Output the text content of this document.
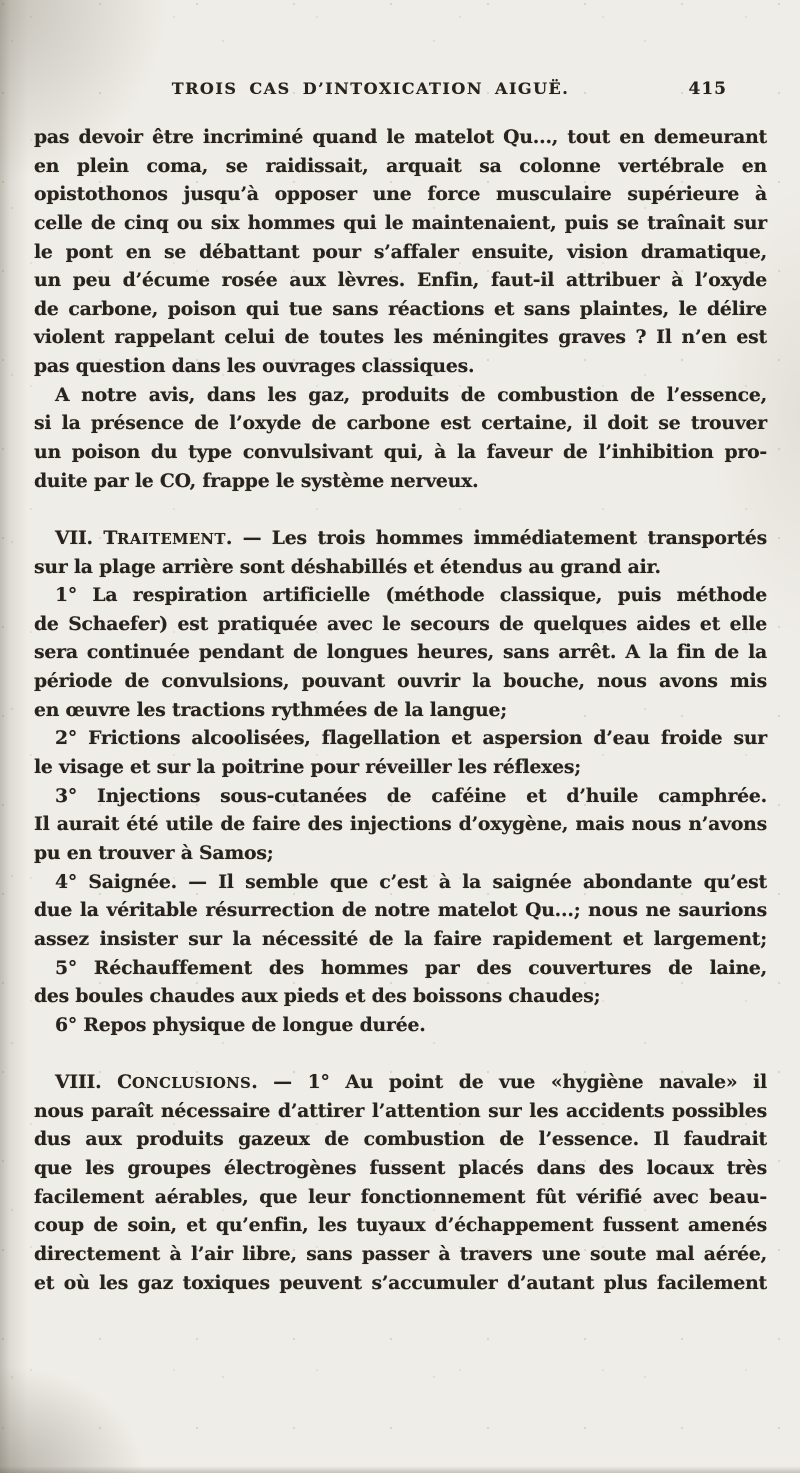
TROIS CAS D’INTOXICATION AIGUË.	415
pas devoir être incriminé quand le matelot Qu..., tout en demeurant
en plein coma, se raidissait, arquait sa colonne vertébrale en
opistothonos jusqu’à opposer une force musculaire supérieure à
celle de cinq ou six hommes qui le maintenaient, puis se traînait sur
le pont en se débattant pour s’affaler ensuite, vision dramatique,
un peu d’écume rosée aux lèvres. Enfin, faut-il attribuer à l’oxyde
de carbone, poison qui tue sans réactions et sans plaintes, le délire
violent rappelant celui de toutes les méningites graves ? Il n’en est
pas question dans les ouvrages classiques.
A notre avis, dans les gaz, produits de combustion de l’essence,
si la présence de l’oxyde de carbone est certaine, il doit se trouver
un poison du type convulsivant qui, à la faveur de l’inhibition pro-
duite par le CO, frappe le système nerveux.
VII. TRAITEMENT. — Les trois hommes immédiatement transportés
sur la plage arrière sont déshabillés et étendus au grand air.
1° La respiration artificielle (méthode classique, puis méthode
de Schaefer) est pratiquée avec le secours de quelques aides et elle
sera continuée pendant de longues heures, sans arrêt. A la fin de la
période de convulsions, pouvant ouvrir la bouche, nous avons mis
en œuvre les tractions rythmées de la langue;
2° Frictions alcoolisées, flagellation et aspersion d’eau froide sur
le visage et sur la poitrine pour réveiller les réflexes;
3° Injections sous-cutanées de caféine et d’huile camphrée.
Il aurait été utile de faire des injections d’oxygène, mais nous n’avons
pu en trouver à Samos;
4° Saignée. — Il semble que c’est à la saignée abondante qu’est
due la véritable résurrection de notre matelot Qu...; nous ne saurions
assez insister sur la nécessité de la faire rapidement et largement;
5° Réchauffement des hommes par des couvertures de laine,
des boules chaudes aux pieds et des boissons chaudes;
6° Repos physique de longue durée.
VIII. CONCLUSIONS. — 1° Au point de vue «hygiène navale» il
nous paraît nécessaire d’attirer l’attention sur les accidents possibles
dus aux produits gazeux de combustion de l’essence. Il faudrait
que les groupes électrogènes fussent placés dans des locaux très
facilement aérables, que leur fonctionnement fût vérifié avec beau-
coup de soin, et qu’enfin, les tuyaux d’échappement fussent amenés
directement à l’air libre, sans passer à travers une soute mal aérée,
et où les gaz toxiques peuvent s’accumuler d’autant plus facilement
